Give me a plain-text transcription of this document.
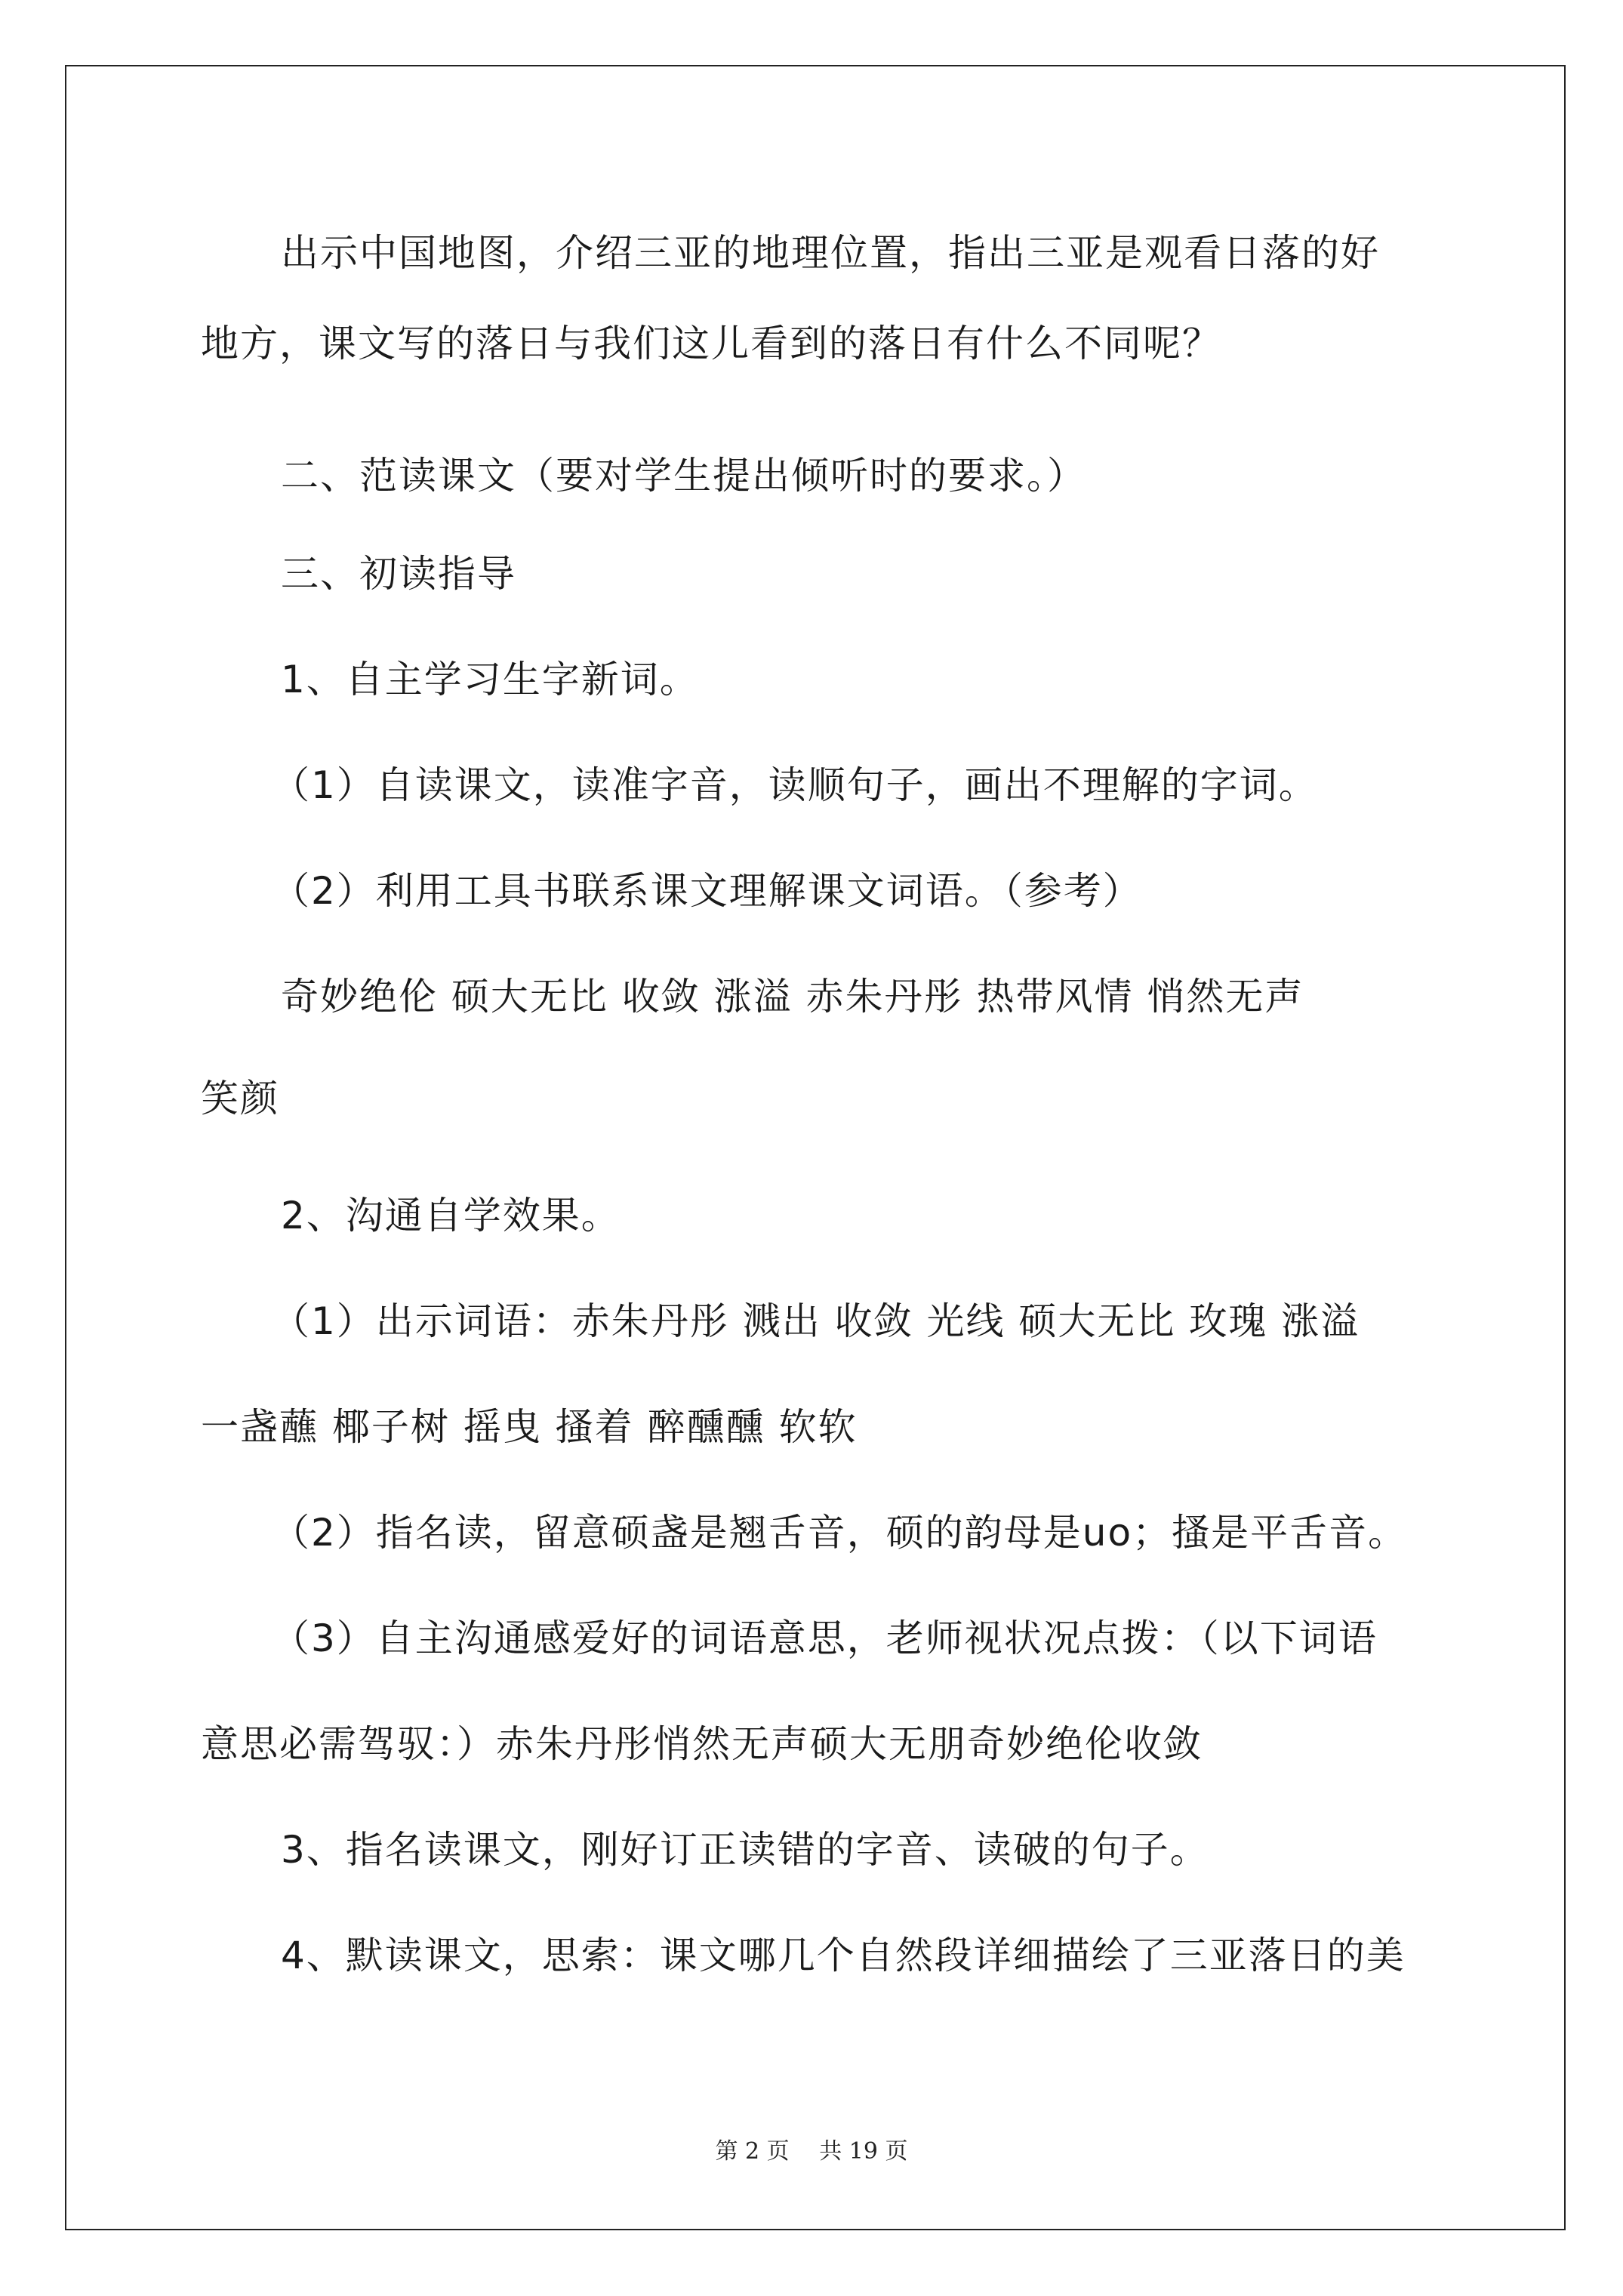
出示中国地图，介绍三亚的地理位置，指出三亚是观看日落的好
地方，课文写的落日与我们这儿看到的落日有什么不同呢？
二、范读课文（要对学生提出倾听时的要求。）
三、初读指导
1、自主学习生字新词。
（1）自读课文，读准字音，读顺句子，画出不理解的字词。
（2）利用工具书联系课文理解课文词语。（参考）
奇妙绝伦 硕大无比 收敛 涨溢 赤朱丹彤 热带风情 悄然无声
笑颜
2、沟通自学效果。
（1）出示词语：赤朱丹彤 溅出 收敛 光线 硕大无比 玫瑰 涨溢
一盏蘸 椰子树 摇曳 搔着 醉醺醺 软软
（2）指名读，留意硕盏是翘舌音，硕的韵母是uo；搔是平舌音。
（3）自主沟通感爱好的词语意思，老师视状况点拨：（以下词语
意思必需驾驭：）赤朱丹彤悄然无声硕大无朋奇妙绝伦收敛
3、指名读课文，刚好订正读错的字音、读破的句子。
4、默读课文，思索：课文哪几个自然段详细描绘了三亚落日的美
第 2 页　 共 19 页
